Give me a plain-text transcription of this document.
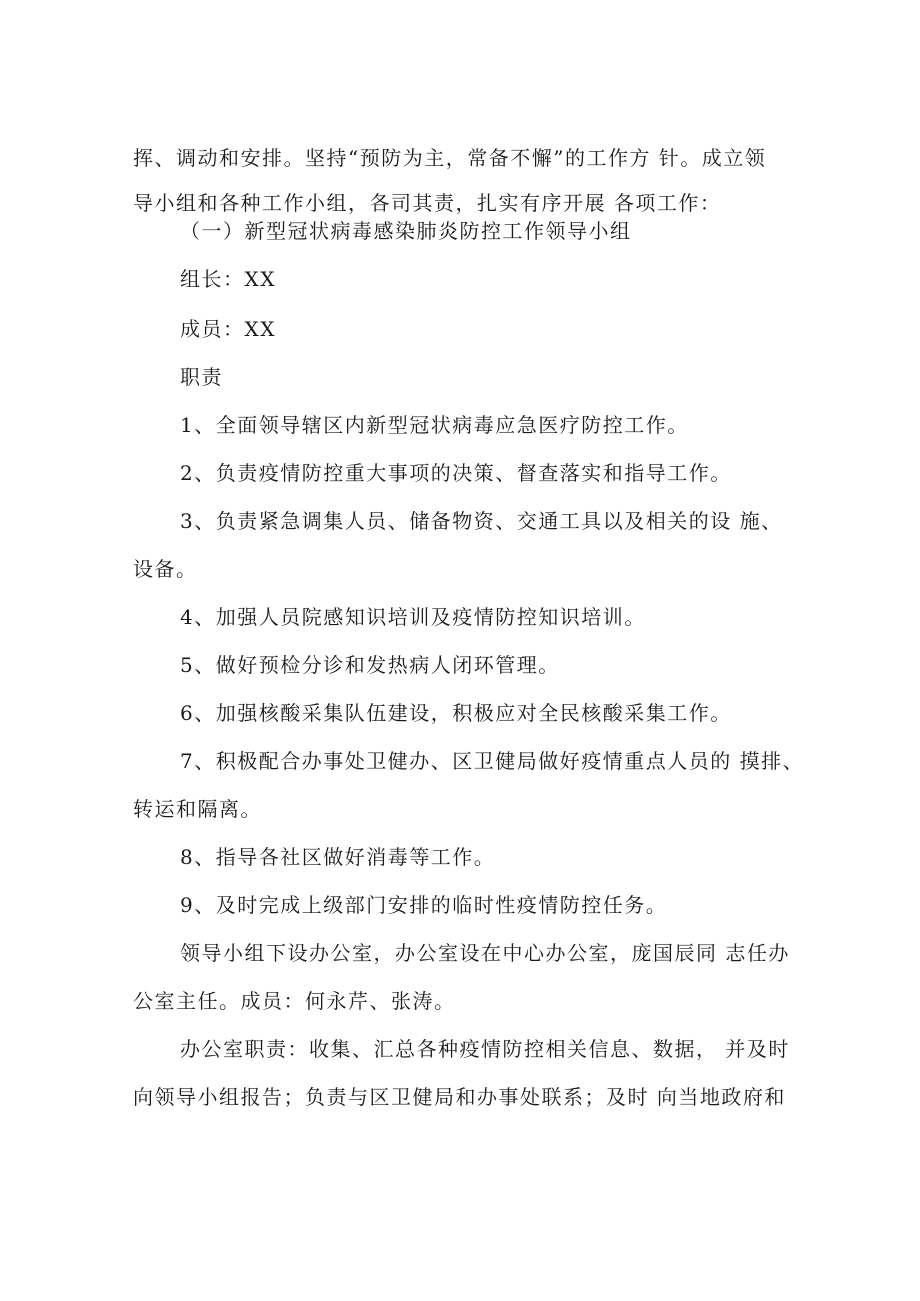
挥、调动和安排。坚持“预防为主，常备不懈”的工作方 针。成立领
导小组和各种工作小组，各司其责，扎实有序开展 各项工作：
（一）新型冠状病毒感染肺炎防控工作领导小组
组长：XX
成员：XX
职责
1、全面领导辖区内新型冠状病毒应急医疗防控工作。
2、负责疫情防控重大事项的决策、督查落实和指导工作。
3、负责紧急调集人员、储备物资、交通工具以及相关的设 施、
设备。
4、加强人员院感知识培训及疫情防控知识培训。
5、做好预检分诊和发热病人闭环管理。
6、加强核酸采集队伍建设，积极应对全民核酸采集工作。
7、积极配合办事处卫健办、区卫健局做好疫情重点人员的 摸排、
转运和隔离。
8、指导各社区做好消毒等工作。
9、及时完成上级部门安排的临时性疫情防控任务。
领导小组下设办公室，办公室设在中心办公室，庞国辰同 志任办
公室主任。成员：何永芹、张涛。
办公室职责：收集、汇总各种疫情防控相关信息、数据， 并及时
向领导小组报告；负责与区卫健局和办事处联系；及时 向当地政府和
